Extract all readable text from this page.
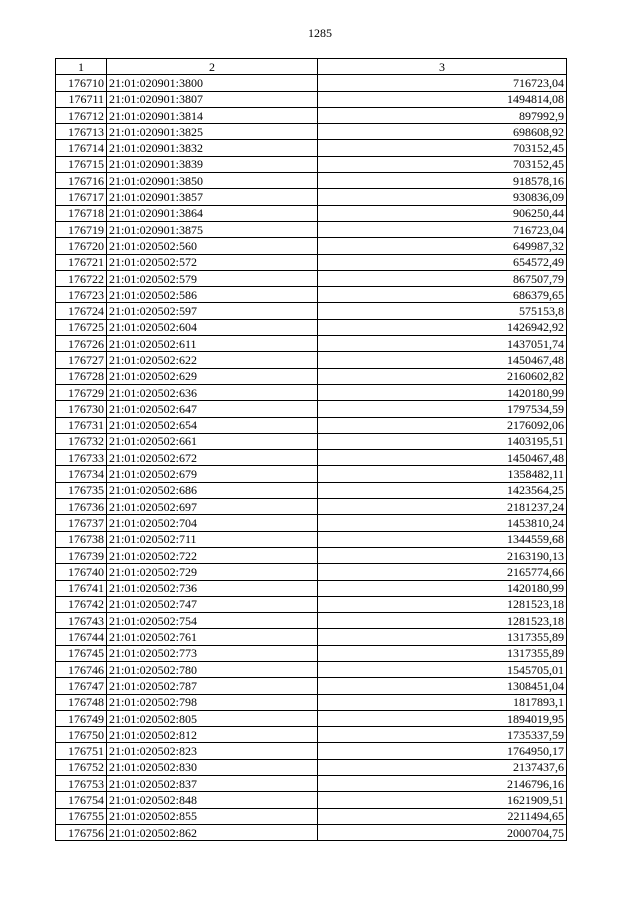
1285
1	2	3
176710	21:01:020901:3800	716723,04
176711	21:01:020901:3807	1494814,08
176712	21:01:020901:3814	897992,9
176713	21:01:020901:3825	698608,92
176714	21:01:020901:3832	703152,45
176715	21:01:020901:3839	703152,45
176716	21:01:020901:3850	918578,16
176717	21:01:020901:3857	930836,09
176718	21:01:020901:3864	906250,44
176719	21:01:020901:3875	716723,04
176720	21:01:020502:560	649987,32
176721	21:01:020502:572	654572,49
176722	21:01:020502:579	867507,79
176723	21:01:020502:586	686379,65
176724	21:01:020502:597	575153,8
176725	21:01:020502:604	1426942,92
176726	21:01:020502:611	1437051,74
176727	21:01:020502:622	1450467,48
176728	21:01:020502:629	2160602,82
176729	21:01:020502:636	1420180,99
176730	21:01:020502:647	1797534,59
176731	21:01:020502:654	2176092,06
176732	21:01:020502:661	1403195,51
176733	21:01:020502:672	1450467,48
176734	21:01:020502:679	1358482,11
176735	21:01:020502:686	1423564,25
176736	21:01:020502:697	2181237,24
176737	21:01:020502:704	1453810,24
176738	21:01:020502:711	1344559,68
176739	21:01:020502:722	2163190,13
176740	21:01:020502:729	2165774,66
176741	21:01:020502:736	1420180,99
176742	21:01:020502:747	1281523,18
176743	21:01:020502:754	1281523,18
176744	21:01:020502:761	1317355,89
176745	21:01:020502:773	1317355,89
176746	21:01:020502:780	1545705,01
176747	21:01:020502:787	1308451,04
176748	21:01:020502:798	1817893,1
176749	21:01:020502:805	1894019,95
176750	21:01:020502:812	1735337,59
176751	21:01:020502:823	1764950,17
176752	21:01:020502:830	2137437,6
176753	21:01:020502:837	2146796,16
176754	21:01:020502:848	1621909,51
176755	21:01:020502:855	2211494,65
176756	21:01:020502:862	2000704,75
